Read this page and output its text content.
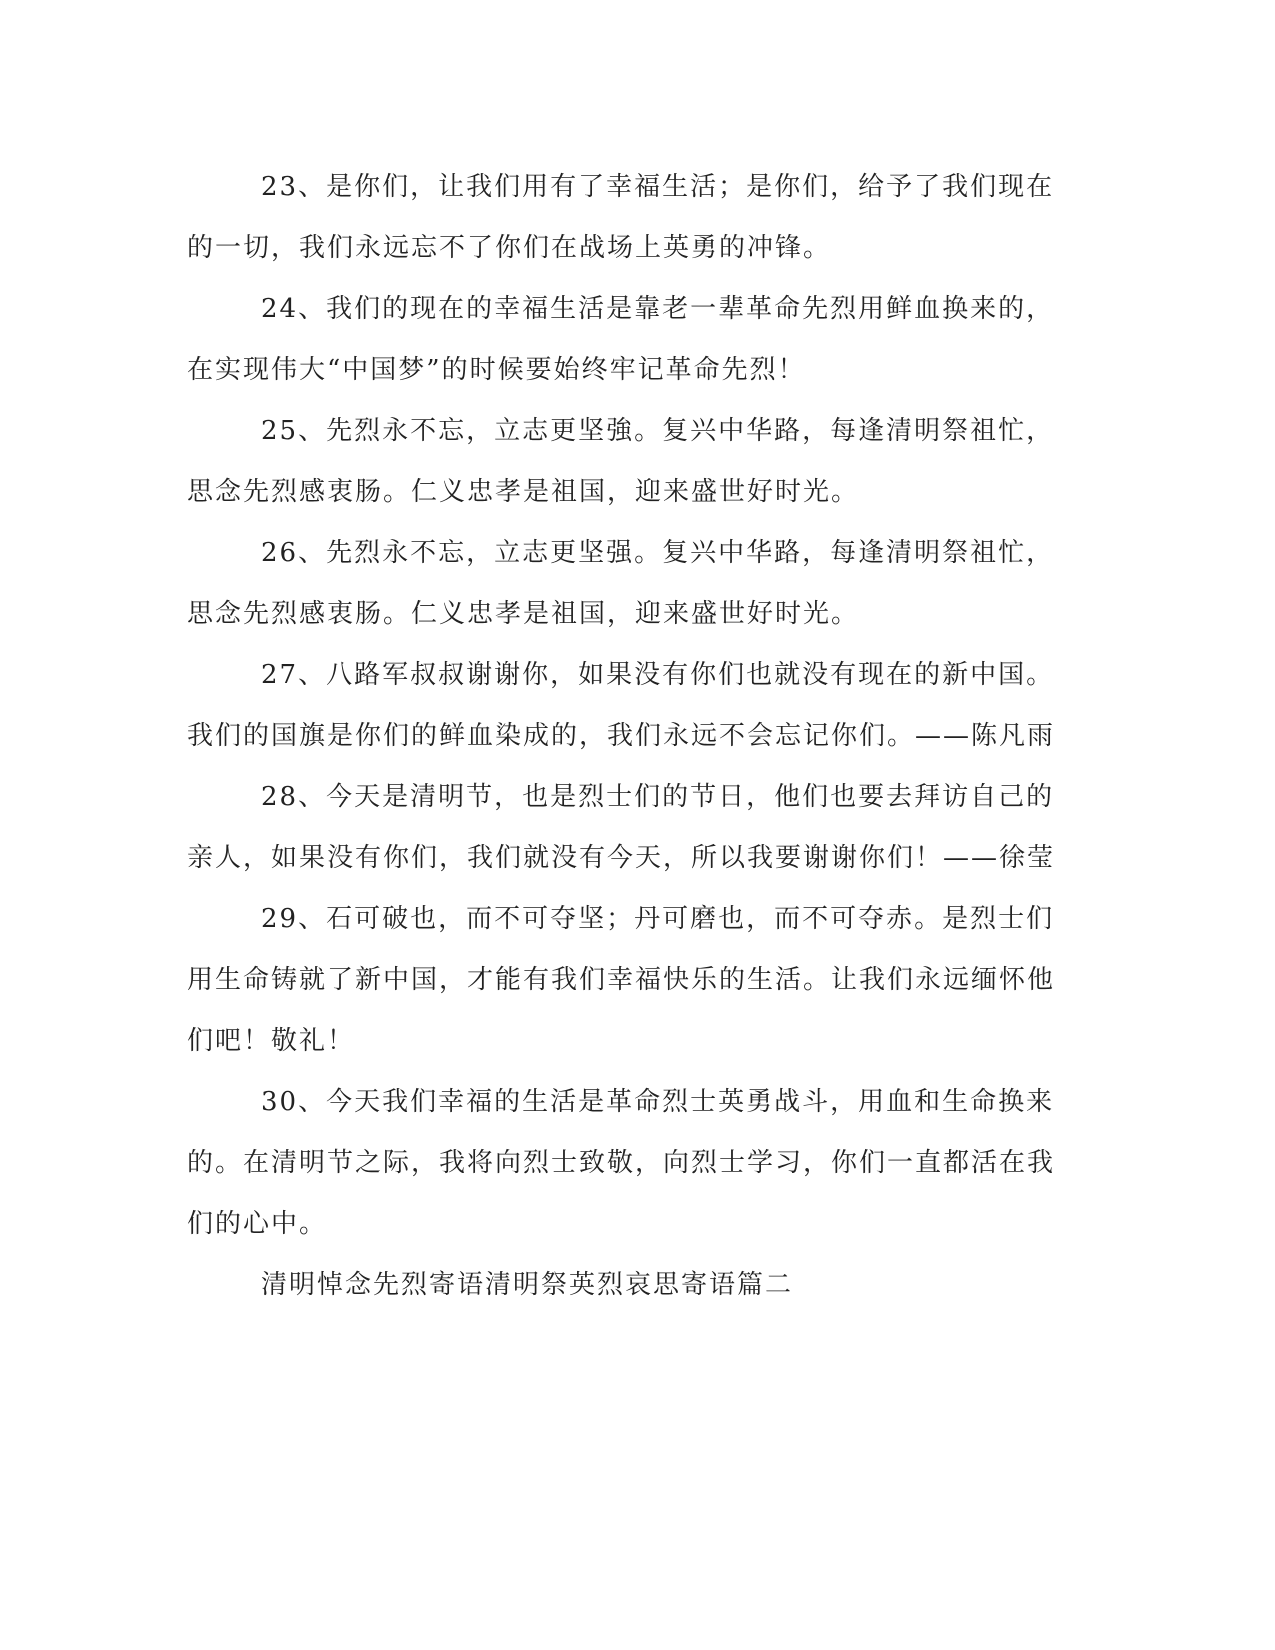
23、是你们，让我们用有了幸福生活；是你们，给予了我们现在的一切，我们永远忘不了你们在战场上英勇的冲锋。

24、我们的现在的幸福生活是靠老一辈革命先烈用鲜血换来的，在实现伟大“中国梦”的时候要始终牢记革命先烈！

25、先烈永不忘，立志更坚強。复兴中华路，每逢清明祭祖忙，思念先烈感衷肠。仁义忠孝是祖国，迎来盛世好时光。

26、先烈永不忘，立志更坚强。复兴中华路，每逢清明祭祖忙，思念先烈感衷肠。仁义忠孝是祖国，迎来盛世好时光。

27、八路军叔叔谢谢你，如果没有你们也就没有现在的新中国。我们的国旗是你们的鲜血染成的，我们永远不会忘记你们。——陈凡雨

28、今天是清明节，也是烈士们的节日，他们也要去拜访自己的亲人，如果没有你们，我们就没有今天，所以我要谢谢你们！——徐莹

29、石可破也，而不可夺坚；丹可磨也，而不可夺赤。是烈士们用生命铸就了新中国，才能有我们幸福快乐的生活。让我们永远缅怀他们吧！敬礼！

30、今天我们幸福的生活是革命烈士英勇战斗，用血和生命换来的。在清明节之际，我将向烈士致敬，向烈士学习，你们一直都活在我们的心中。

清明悼念先烈寄语清明祭英烈哀思寄语篇二
